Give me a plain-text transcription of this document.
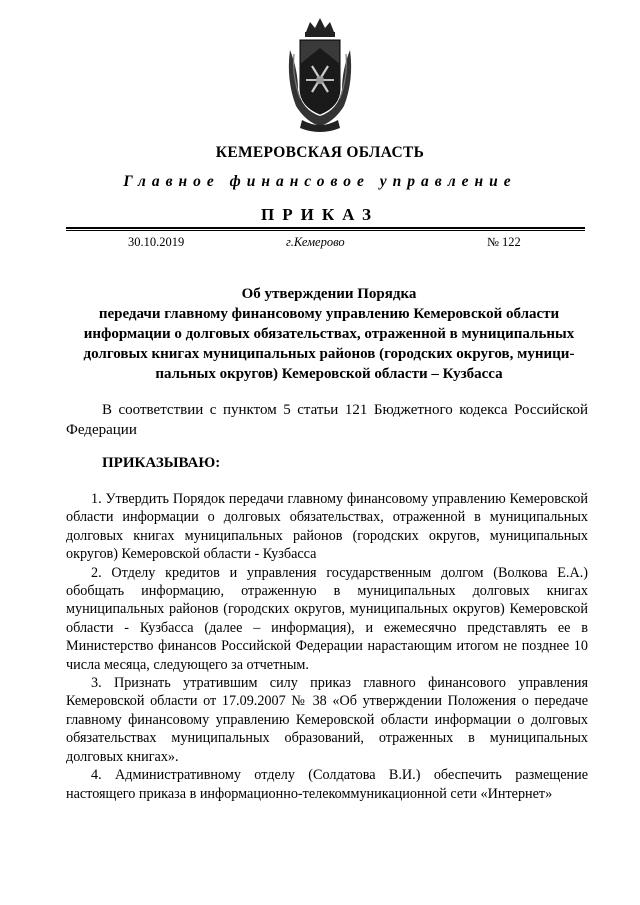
КЕМЕРОВСКАЯ ОБЛАСТЬ
Главное финансовое управление
ПРИКАЗ
30.10.2019	г.Кемерово	№ 122
Об утверждении Порядка
передачи главному финансовому управлению Кемеровской области
информации о долговых обязательствах, отраженной в муниципальных
долговых книгах муниципальных районов (городских округов, муници-
пальных округов) Кемеровской области – Кузбасса
В соответствии с пунктом 5 статьи 121 Бюджетного кодекса Российской Федерации
ПРИКАЗЫВАЮ:

1. Утвердить Порядок передачи главному финансовому управлению Кемеровской области информации о долговых обязательствах, отраженной в муниципальных долговых книгах муниципальных районов (городских округов, муниципальных округов) Кемеровской области - Кузбасса

2. Отделу кредитов и управления государственным долгом (Волкова Е.А.) обобщать информацию, отраженную в муниципальных долговых книгах муниципальных районов (городских округов, муниципальных округов) Кемеровской области - Кузбасса (далее – информация), и ежемесячно представлять ее в Министерство финансов Российской Федерации нарастающим итогом не позднее 10 числа месяца, следующего за отчетным.

3. Признать утратившим силу приказ главного финансового управления Кемеровской области от 17.09.2007 № 38 «Об утверждении Положения о передаче главному финансовому управлению Кемеровской области информации о долговых обязательствах муниципальных образований, отраженных в муниципальных долговых книгах».

4. Административному отделу (Солдатова В.И.) обеспечить размещение настоящего приказа в информационно-телекоммуникационной сети «Интернет»
